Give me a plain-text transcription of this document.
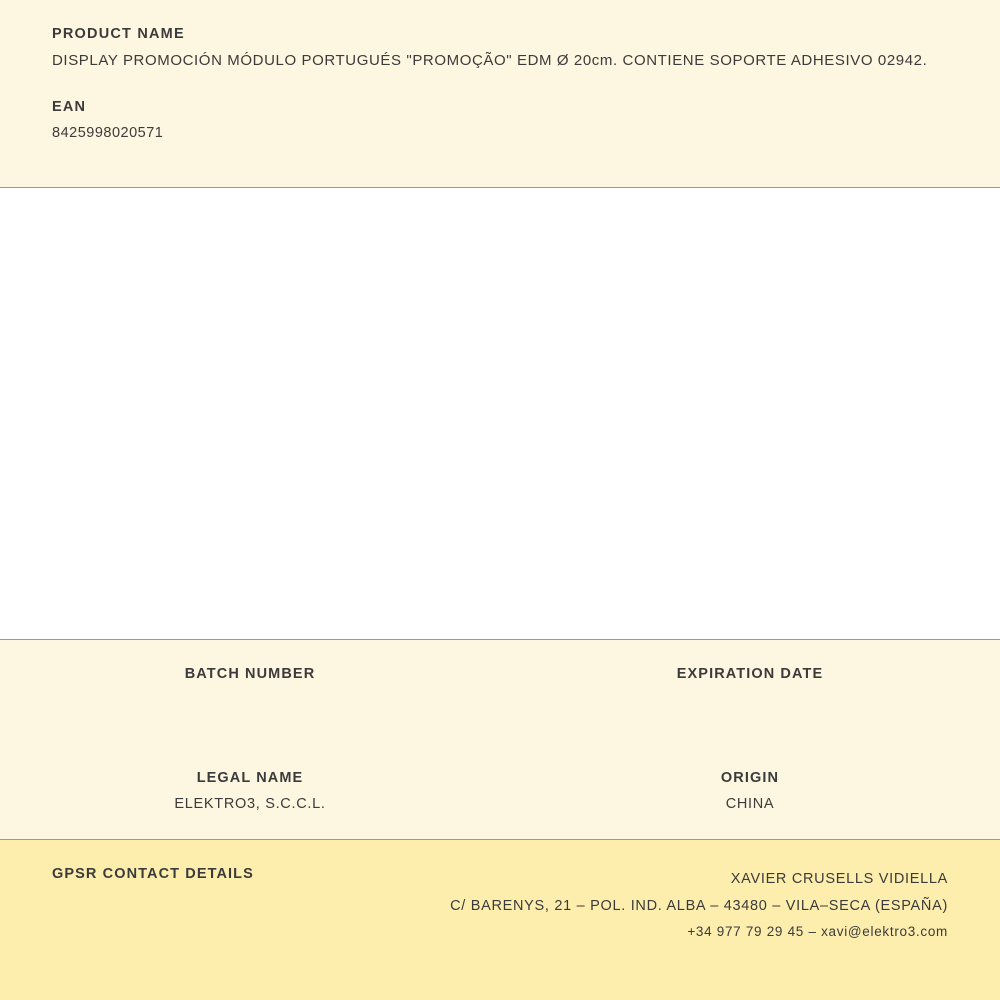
PRODUCT NAME

DISPLAY PROMOCIÓN MÓDULO PORTUGUÉS "PROMOÇÃO" EDM Ø 20cm. CONTIENE SOPORTE ADHESIVO 02942.

EAN

8425998020571

BATCH NUMBER	EXPIRATION DATE
LEGAL NAME
ELEKTRO3, S.C.C.L.
ORIGIN
CHINA
GPSR CONTACT DETAILS	XAVIER CRUSELLS VIDIELLA
C/ BARENYS, 21 – POL. IND. ALBA – 43480 – VILA–SECA (ESPAÑA)
+34 977 79 29 45 – xavi@elektro3.com
